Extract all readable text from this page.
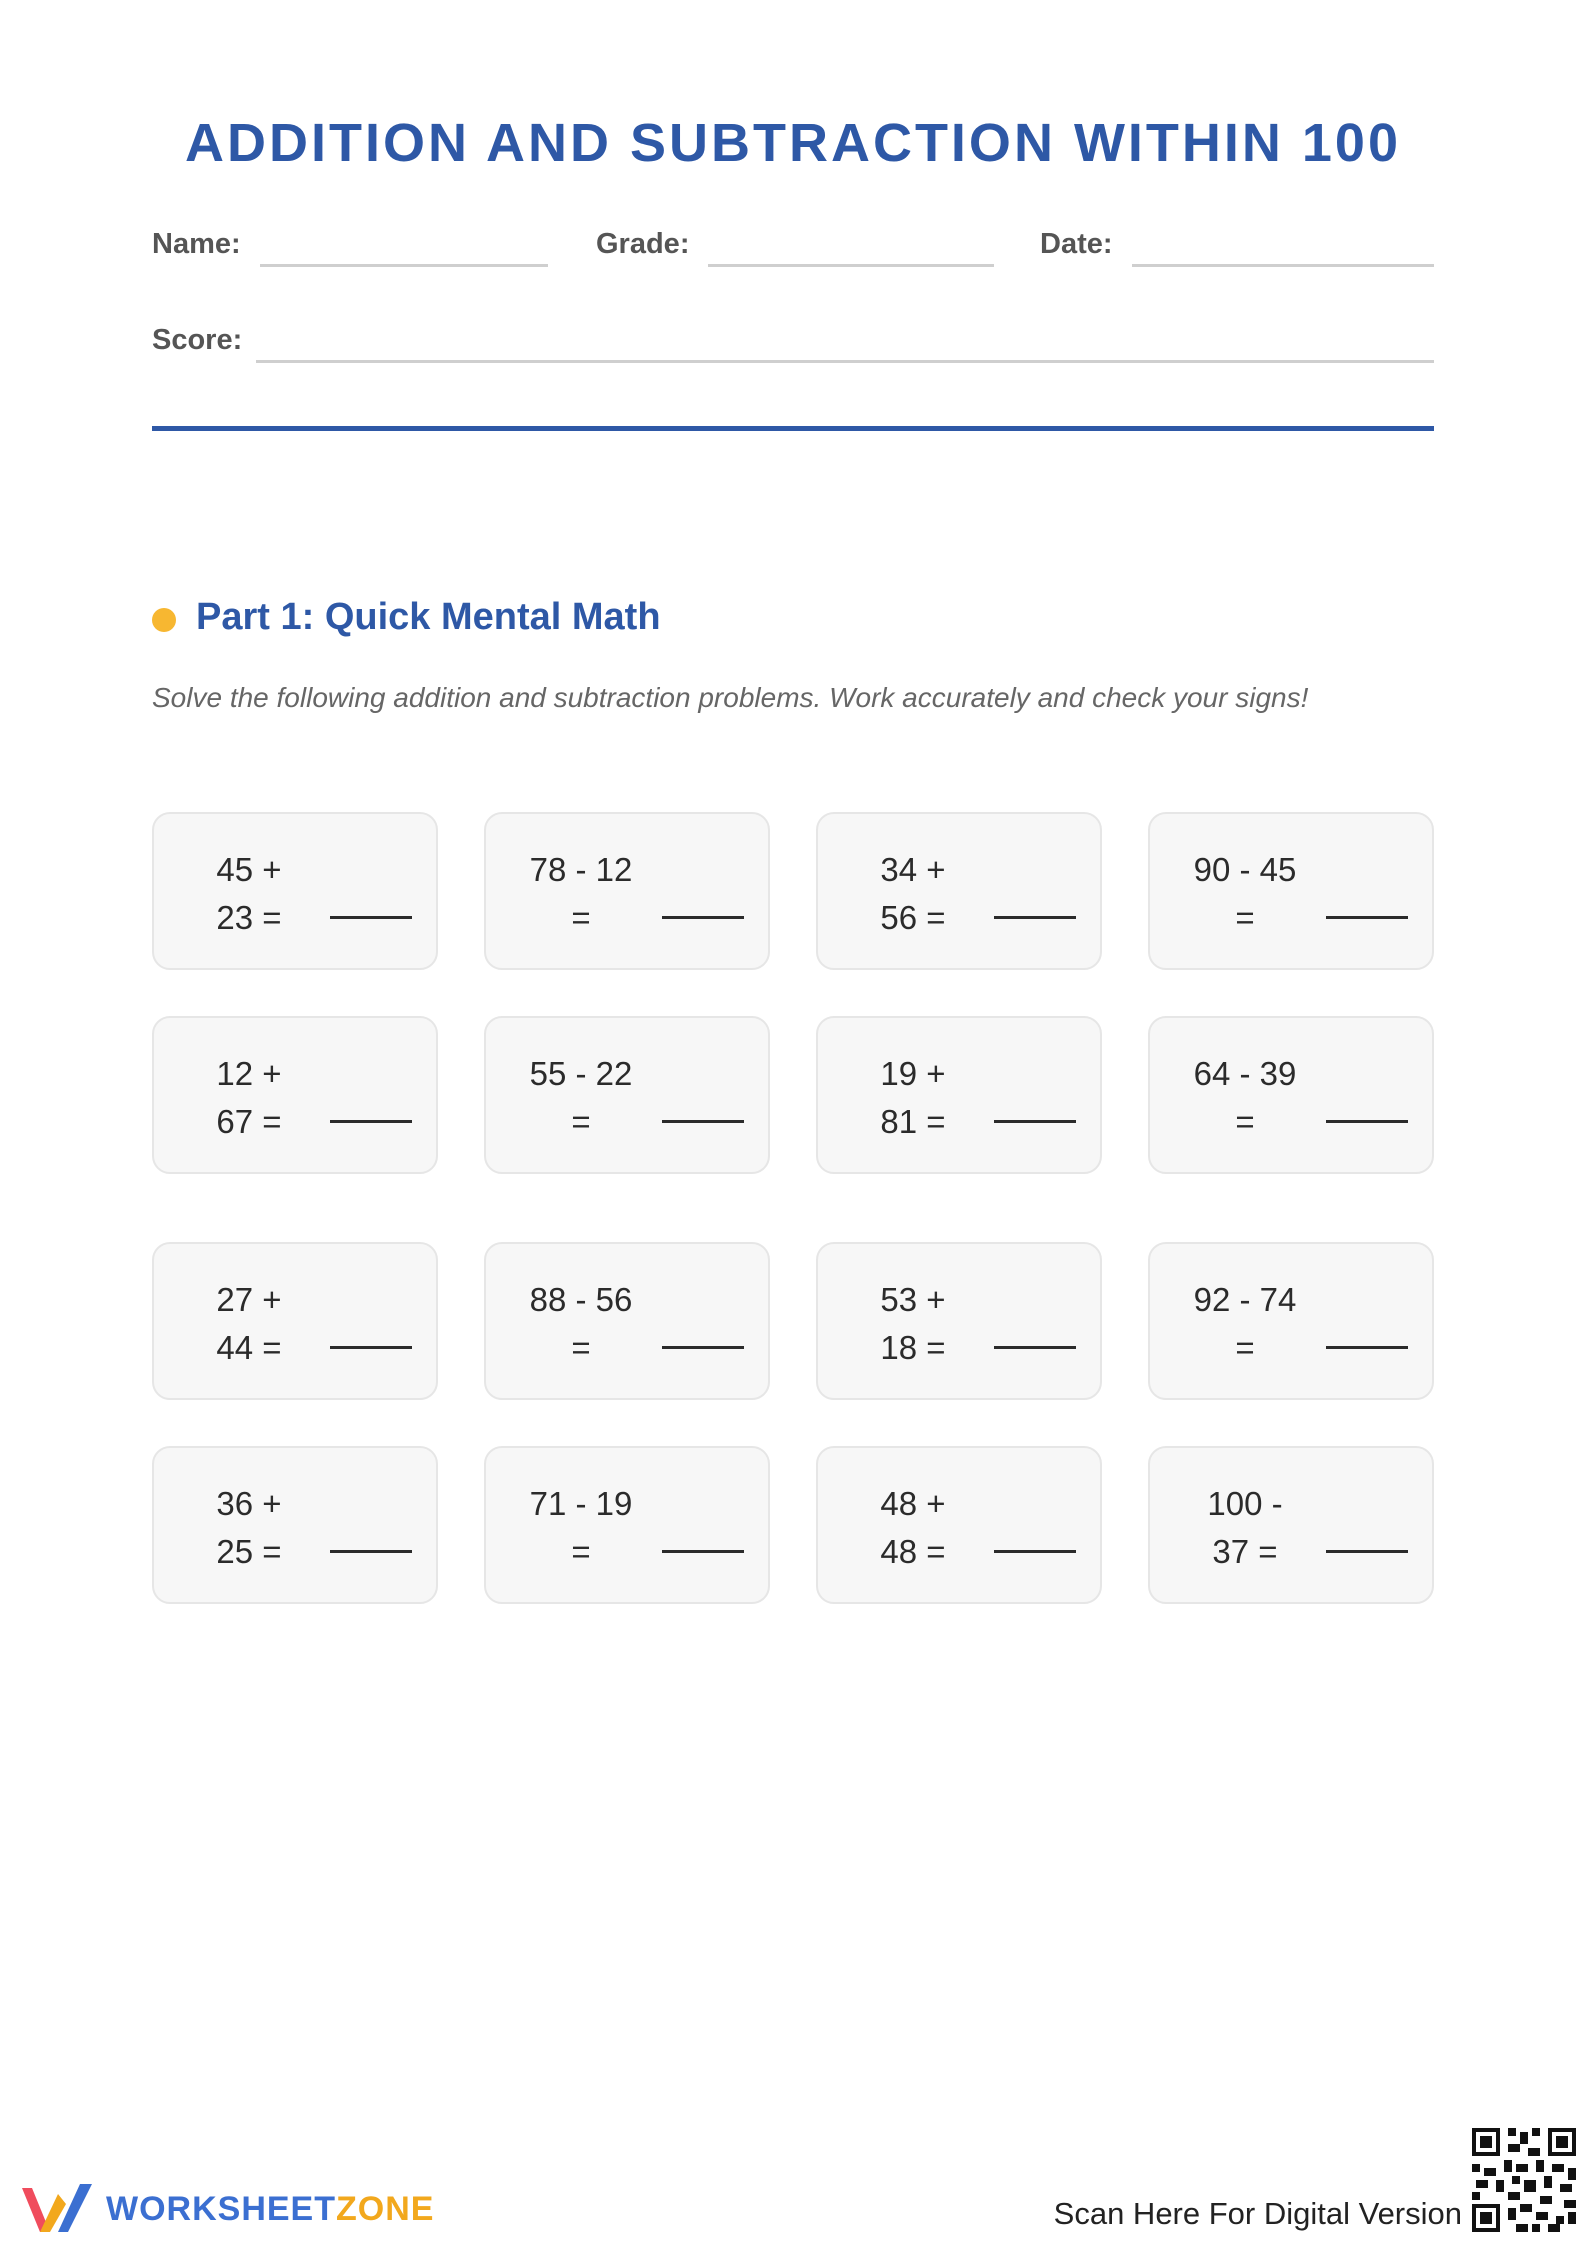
ADDITION AND SUBTRACTION WITHIN 100
Name:	Grade:	Date:
Score:
Part 1: Quick Mental Math
Solve the following addition and subtraction problems. Work accurately and check your signs!
45 +
23 =
78 - 12
=
34 +
56 =
90 - 45
=
12 +
67 =
55 - 22
=
19 +
81 =
64 - 39
=
27 +
44 =
88 - 56
=
53 +
18 =
92 - 74
=
36 +
25 =
71 - 19
=
48 +
48 =
100 -
37 =
WORKSHEETZONE	Scan Here For Digital Version
